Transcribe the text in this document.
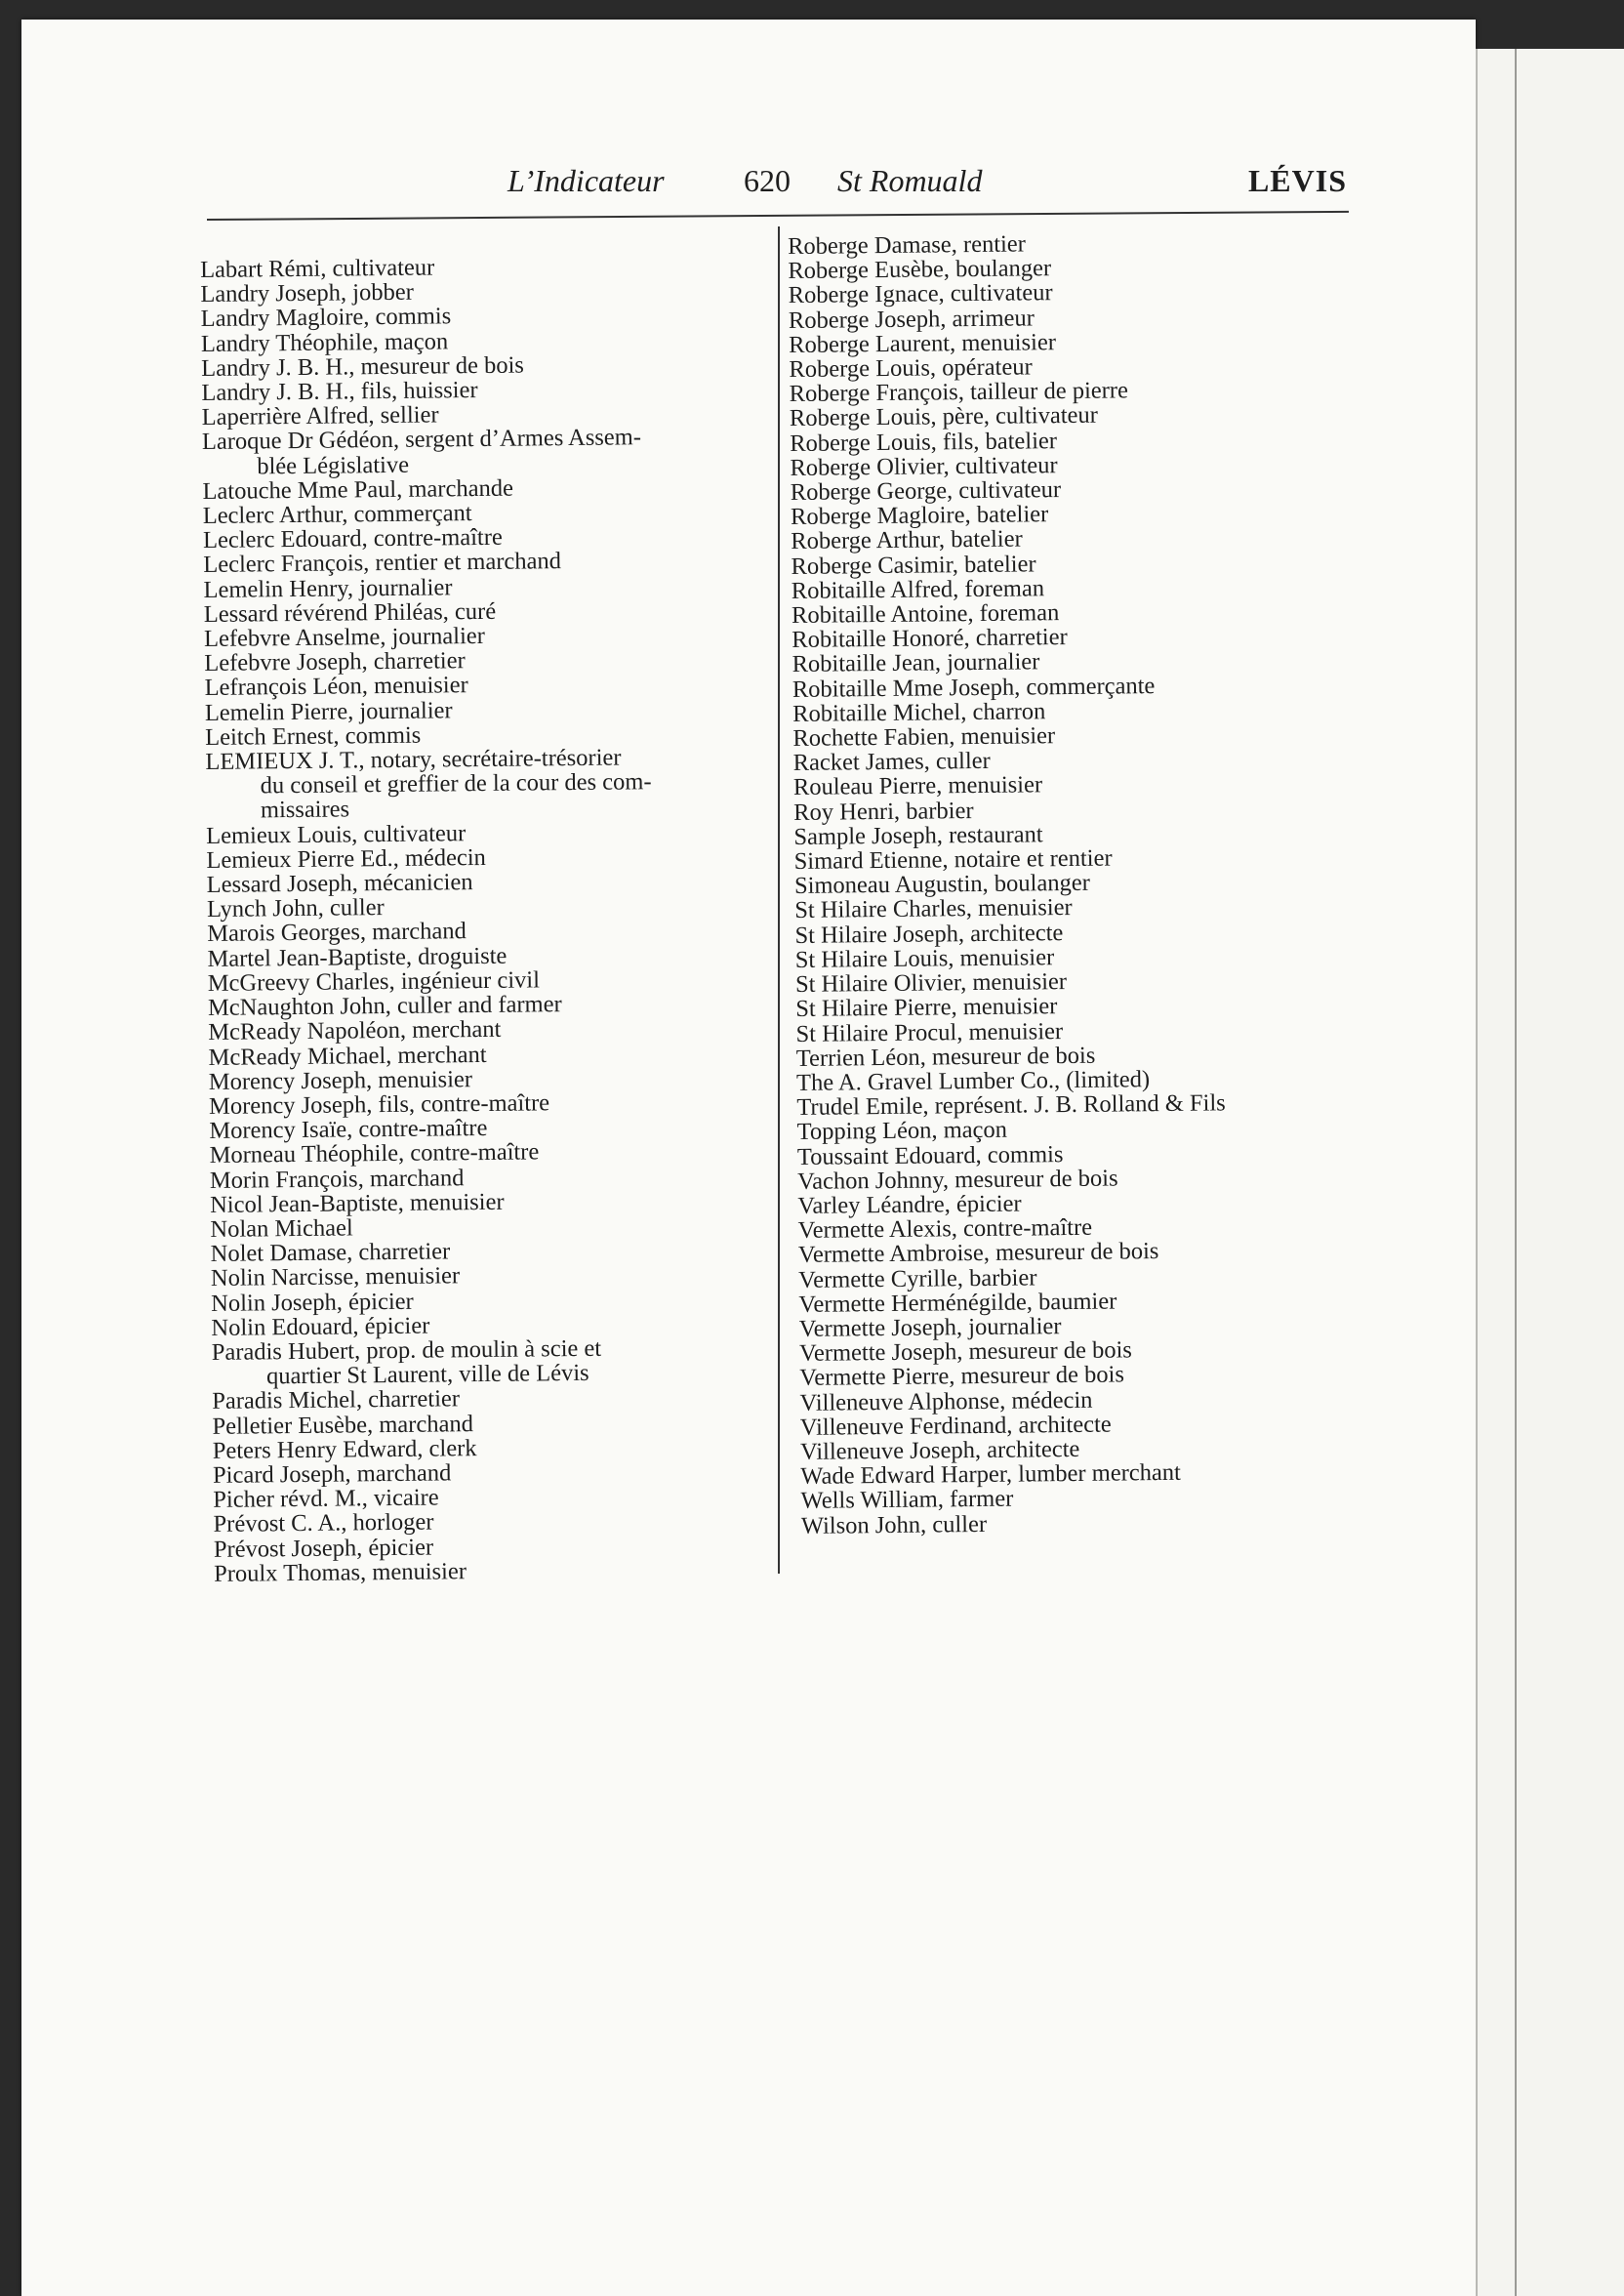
L’Indicateur	620 St Romuald	LÉVIS
Labart Rémi, cultivateur
Landry Joseph, jobber
Landry Magloire, commis
Landry Théophile, maçon
Landry J. B. H., mesureur de bois
Landry J. B. H., fils, huissier
Laperrière Alfred, sellier
Laroque Dr Gédéon, sergent d’Armes Assem-
blée Législative
Latouche Mme Paul, marchande
Leclerc Arthur, commerçant
Leclerc Edouard, contre-maître
Leclerc François, rentier et marchand
Lemelin Henry, journalier
Lessard révérend Philéas, curé
Lefebvre Anselme, journalier
Lefebvre Joseph, charretier
Lefrançois Léon, menuisier
Lemelin Pierre, journalier
Leitch Ernest, commis
LEMIEUX J. T., notary, secrétaire-trésorier
du conseil et greffier de la cour des com-
missaires
Lemieux Louis, cultivateur
Lemieux Pierre Ed., médecin
Lessard Joseph, mécanicien
Lynch John, culler
Marois Georges, marchand
Martel Jean-Baptiste, droguiste
McGreevy Charles, ingénieur civil
McNaughton John, culler and farmer
McReady Napoléon, merchant
McReady Michael, merchant
Morency Joseph, menuisier
Morency Joseph, fils, contre-maître
Morency Isaïe, contre-maître
Morneau Théophile, contre-maître
Morin François, marchand
Nicol Jean-Baptiste, menuisier
Nolan Michael
Nolet Damase, charretier
Nolin Narcisse, menuisier
Nolin Joseph, épicier
Nolin Edouard, épicier
Paradis Hubert, prop. de moulin à scie et
quartier St Laurent, ville de Lévis
Paradis Michel, charretier
Pelletier Eusèbe, marchand
Peters Henry Edward, clerk
Picard Joseph, marchand
Picher révd. M., vicaire
Prévost C. A., horloger
Prévost Joseph, épicier
Proulx Thomas, menuisier
Roberge Damase, rentier
Roberge Eusèbe, boulanger
Roberge Ignace, cultivateur
Roberge Joseph, arrimeur
Roberge Laurent, menuisier
Roberge Louis, opérateur
Roberge François, tailleur de pierre
Roberge Louis, père, cultivateur
Roberge Louis, fils, batelier
Roberge Olivier, cultivateur
Roberge George, cultivateur
Roberge Magloire, batelier
Roberge Arthur, batelier
Roberge Casimir, batelier
Robitaille Alfred, foreman
Robitaille Antoine, foreman
Robitaille Honoré, charretier
Robitaille Jean, journalier
Robitaille Mme Joseph, commerçante
Robitaille Michel, charron
Rochette Fabien, menuisier
Racket James, culler
Rouleau Pierre, menuisier
Roy Henri, barbier
Sample Joseph, restaurant
Simard Etienne, notaire et rentier
Simoneau Augustin, boulanger
St Hilaire Charles, menuisier
St Hilaire Joseph, architecte
St Hilaire Louis, menuisier
St Hilaire Olivier, menuisier
St Hilaire Pierre, menuisier
St Hilaire Procul, menuisier
Terrien Léon, mesureur de bois
The A. Gravel Lumber Co., (limited)
Trudel Emile, représent. J. B. Rolland & Fils
Topping Léon, maçon
Toussaint Edouard, commis
Vachon Johnny, mesureur de bois
Varley Léandre, épicier
Vermette Alexis, contre-maître
Vermette Ambroise, mesureur de bois
Vermette Cyrille, barbier
Vermette Herménégilde, baumier
Vermette Joseph, journalier
Vermette Joseph, mesureur de bois
Vermette Pierre, mesureur de bois
Villeneuve Alphonse, médecin
Villeneuve Ferdinand, architecte
Villeneuve Joseph, architecte
Wade Edward Harper, lumber merchant
Wells William, farmer
Wilson John, culler
